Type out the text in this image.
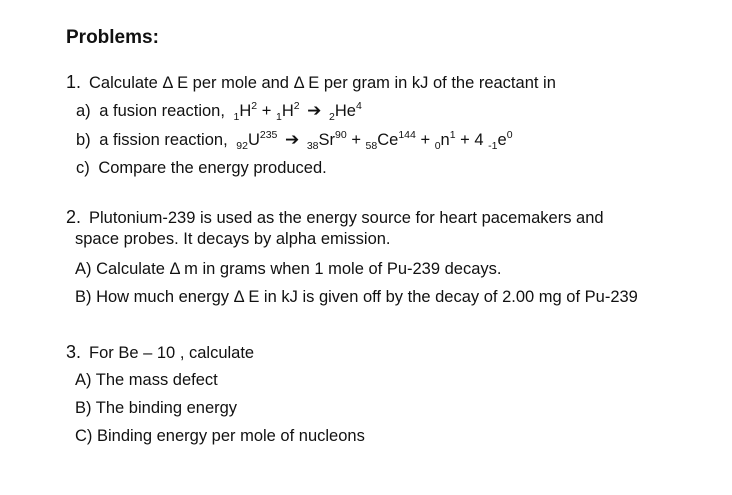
Problems:
1. Calculate Δ E per mole and Δ E per gram in kJ of the reactant in
a) a fusion reaction, $_1H^2 + _1H^2$ ➔ $_2He^4$
b) a fission reaction, $_{92}U^{235}$ ➔ $_{38}Sr^{90} + _{58}Ce^{144} + _0n^1 + 4$ $_{-1}e^0$
c) Compare the energy produced.
2. Plutonium-239 is used as the energy source for heart pacemakers and
space probes. It decays by alpha emission.
A) Calculate Δ m in grams when 1 mole of Pu-239 decays.
B) How much energy Δ E in kJ is given off by the decay of 2.00 mg of Pu-239
3. For Be – 10 , calculate
A) The mass defect
B) The binding energy
C) Binding energy per mole of nucleons
